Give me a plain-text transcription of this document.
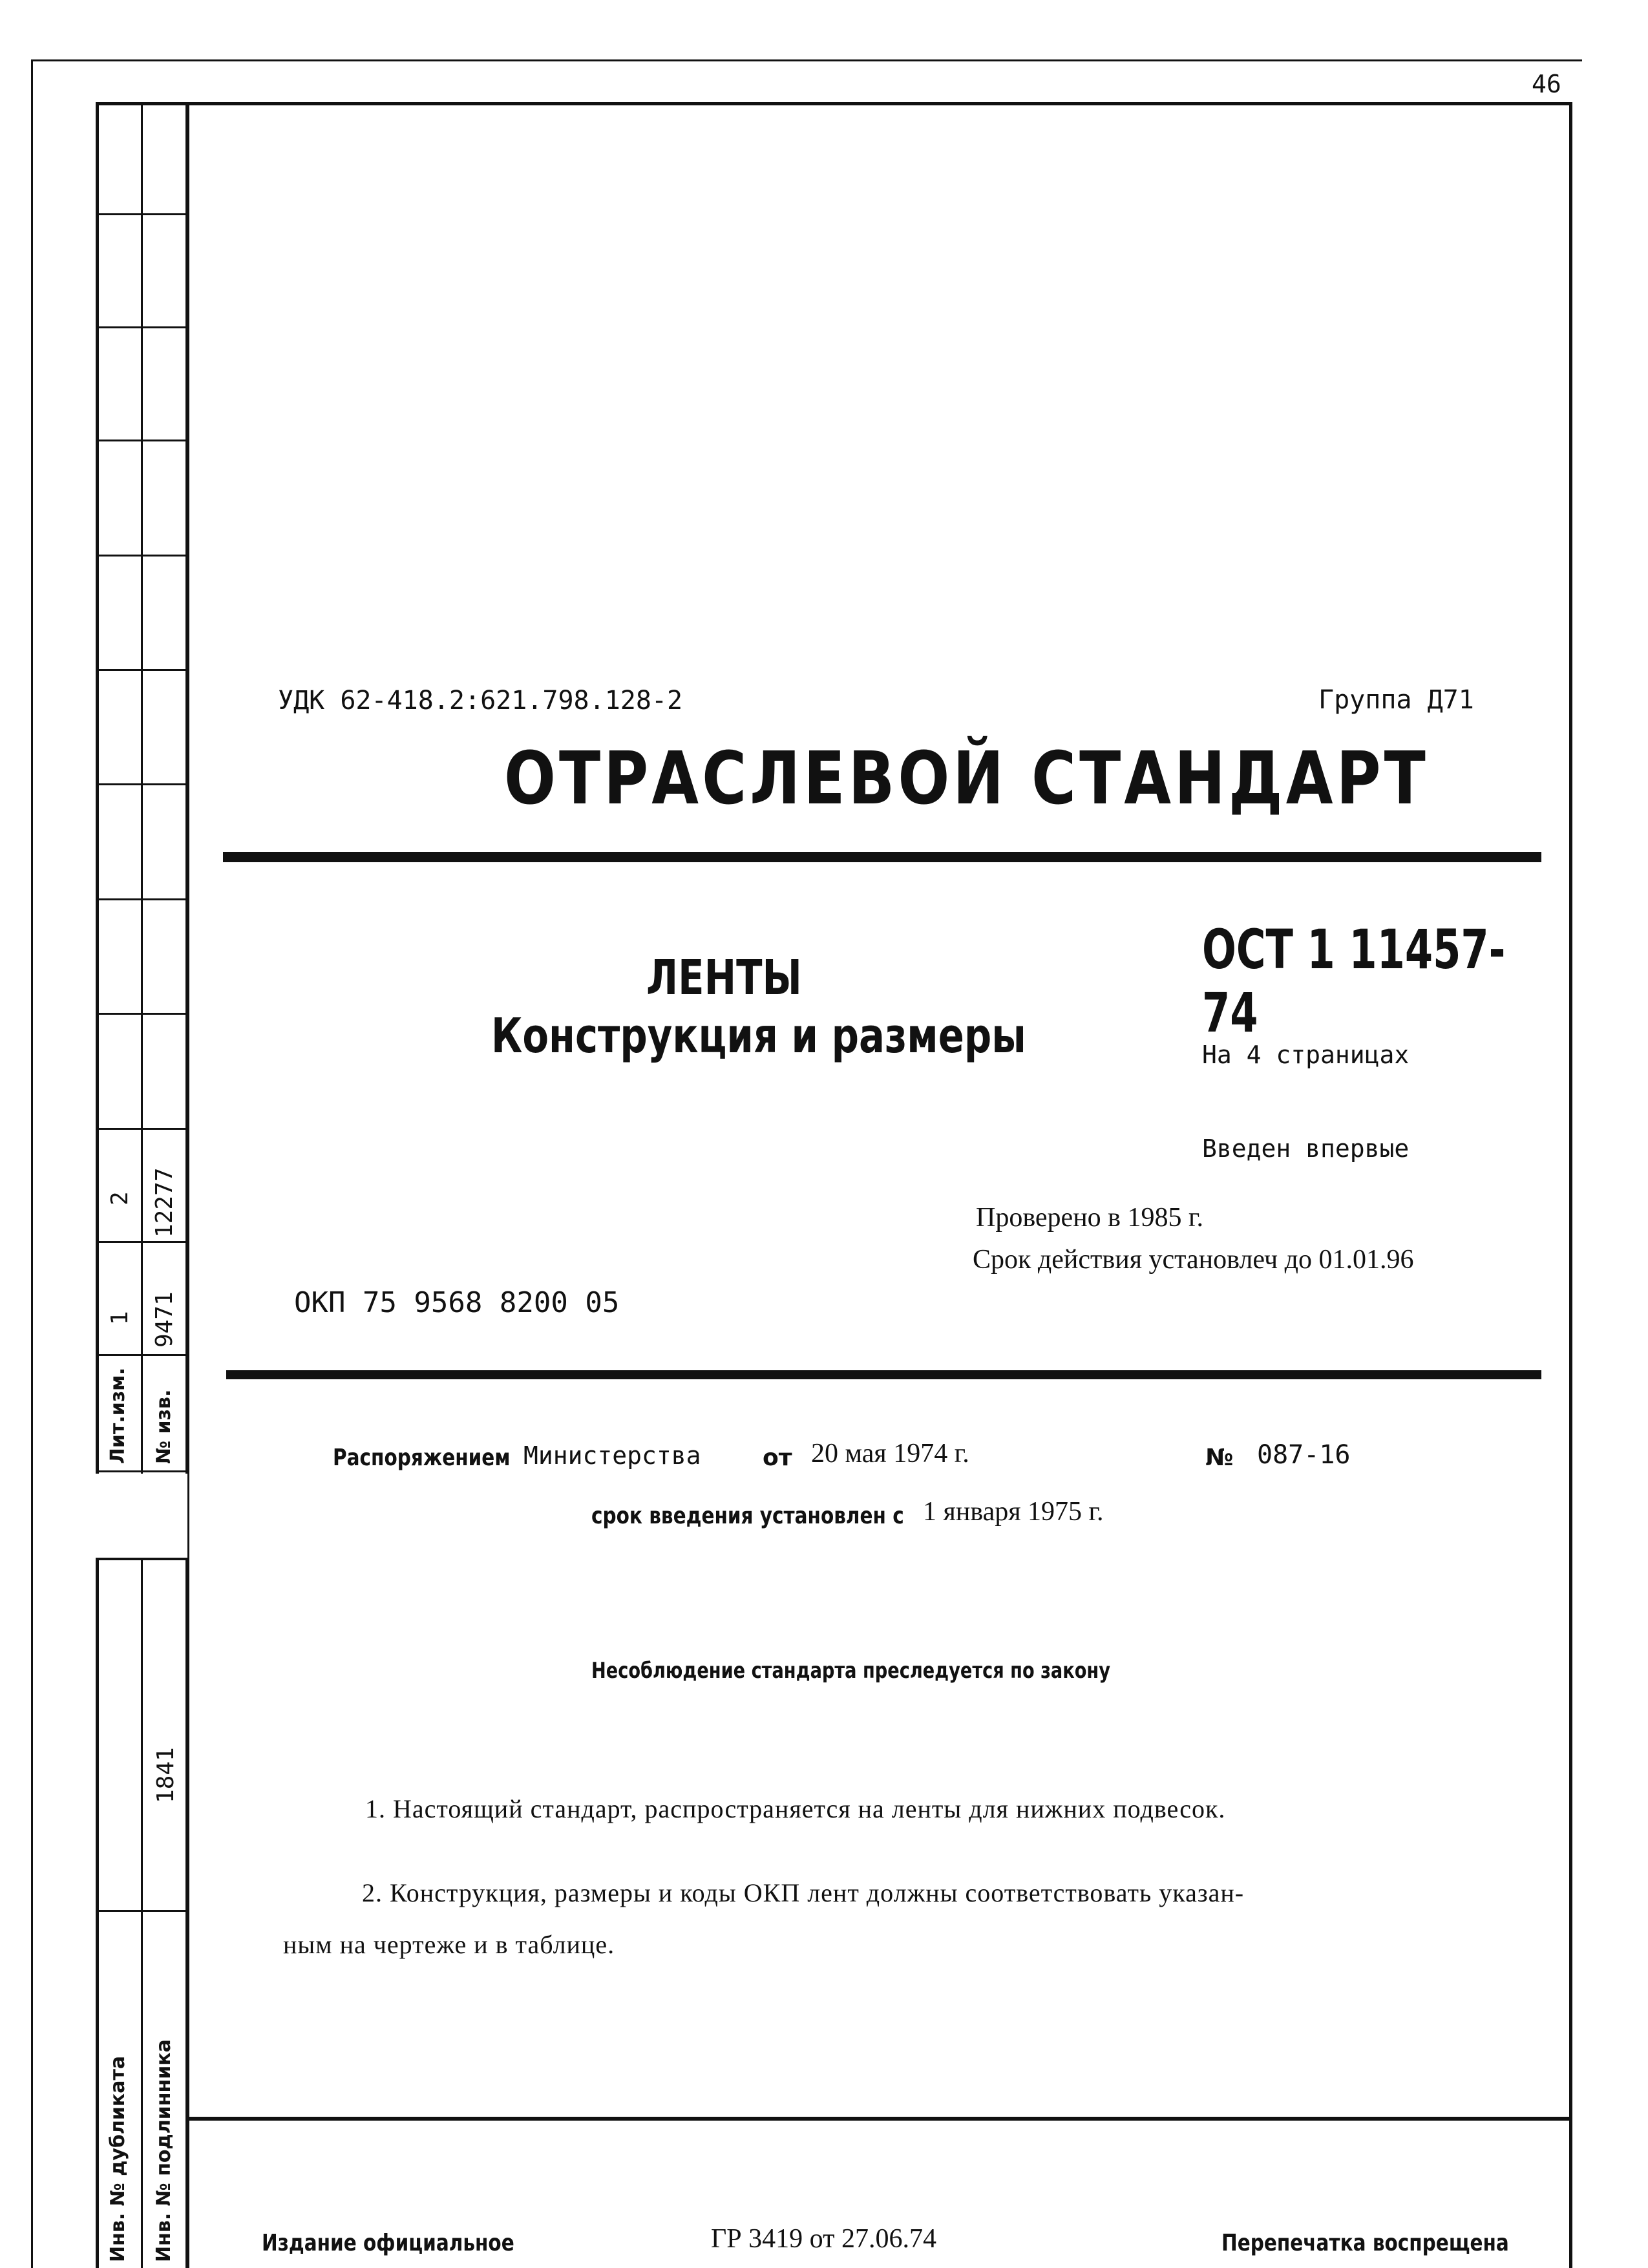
Лит.изм. № изв.
1
2
9471
12277
Инв. № дубликата Инв. № подлинника
1841
46
УДК 62-418.2:621.798.128-2	Группа Д71
ОТРАСЛЕВОЙ СТАНДАРТ
ЛЕНТЫ
Конструкция и размеры
ОСТ 1 11457-74
На 4 страницах
Введен впервые
Проверено в 1985 г.
Срок действия установлеч до 01.01.96
ОКП 75 9568 8200 05
Распоряжением Министерства	от 20 мая 1974 г.	№ 087-16
срок введения установлен с 1 января 1975 г.
Несоблюдение стандарта преследуется по закону
1. Настоящий стандарт, распространяется на ленты для нижних подвесок.
2. Конструкция, размеры и коды ОКП лент должны соответствовать указан-
ным на чертеже и в таблице.
Издание официальное	ГР 3419 от 27.06.74	Перепечатка воспрещена
